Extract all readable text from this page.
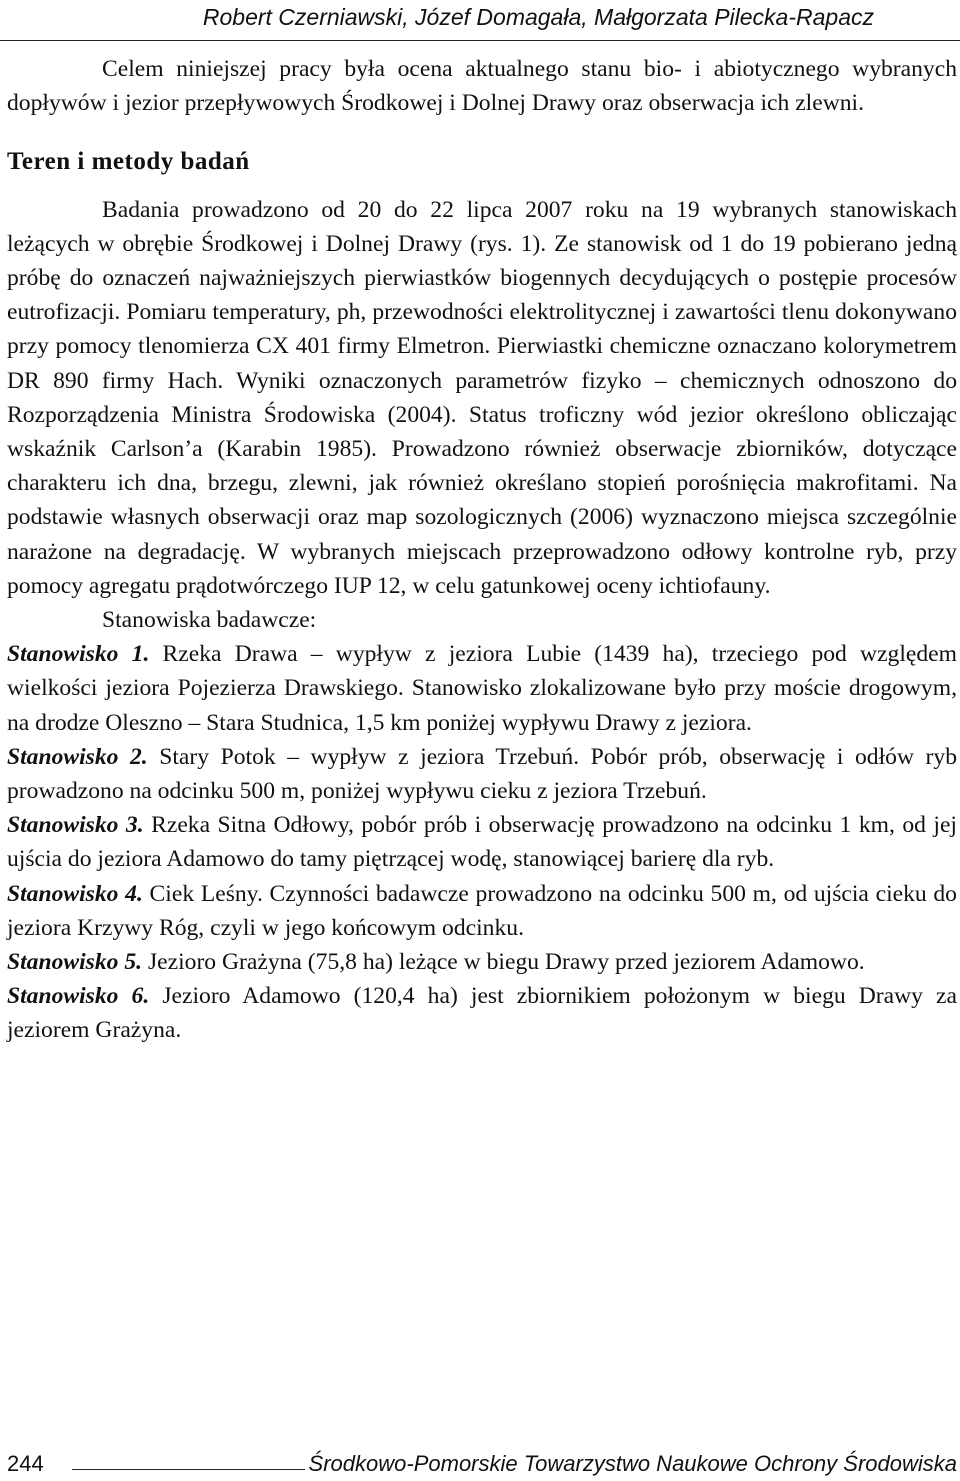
Robert Czerniawski, Józef Domagała, Małgorzata Pilecka-Rapacz

Celem niniejszej pracy była ocena aktualnego stanu bio- i abiotycznego wybranych dopływów i jezior przepływowych Środkowej i Dolnej Drawy oraz obserwacja ich zlewni.

Teren i metody badań

Badania prowadzono od 20 do 22 lipca 2007 roku na 19 wybranych stanowiskach leżących w obrębie Środkowej i Dolnej Drawy (rys. 1). Ze stanowisk od 1 do 19 pobierano jedną próbę do oznaczeń najważniejszych pierwiastków biogennych decydujących o postępie procesów eutrofizacji. Pomiaru temperatury, ph, przewodności elektrolitycznej i zawartości tlenu dokonywano przy pomocy tlenomierza CX 401 firmy Elmetron. Pierwiastki chemiczne oznaczano kolorymetrem DR 890 firmy Hach. Wyniki oznaczonych parametrów fizyko – chemicznych odnoszono do Rozporządzenia Ministra Środowiska (2004). Status troficzny wód jezior określono obliczając wskaźnik Carlson’a (Karabin 1985). Prowadzono również obserwacje zbiorników, dotyczące charakteru ich dna, brzegu, zlewni, jak również określano stopień porośnięcia makrofitami. Na podstawie własnych obserwacji oraz map sozologicznych (2006) wyznaczono miejsca szczególnie narażone na degradację. W wybranych miejscach przeprowadzono odłowy kontrolne ryb, przy pomocy agregatu prądotwórczego IUP 12, w celu gatunkowej oceny ichtiofauny.

Stanowiska badawcze:

Stanowisko 1. Rzeka Drawa – wypływ z jeziora Lubie (1439 ha), trzeciego pod względem wielkości jeziora Pojezierza Drawskiego. Stanowisko zlokalizowane było przy moście drogowym, na drodze Oleszno – Stara Studnica, 1,5 km poniżej wypływu Drawy z jeziora.

Stanowisko 2. Stary Potok – wypływ z jeziora Trzebuń. Pobór prób, obserwację i odłów ryb prowadzono na odcinku 500 m, poniżej wypływu cieku z jeziora Trzebuń.

Stanowisko 3. Rzeka Sitna Odłowy, pobór prób i obserwację prowadzono na odcinku 1 km, od jej ujścia do jeziora Adamowo do tamy piętrzącej wodę, stanowiącej barierę dla ryb.

Stanowisko 4. Ciek Leśny. Czynności badawcze prowadzono na odcinku 500 m, od ujścia cieku do jeziora Krzywy Róg, czyli w jego końcowym odcinku.

Stanowisko 5. Jezioro Grażyna (75,8 ha) leżące w biegu Drawy przed jeziorem Adamowo.

Stanowisko 6. Jezioro Adamowo (120,4 ha) jest zbiornikiem położonym w biegu Drawy za jeziorem Grażyna.

244	Środkowo-Pomorskie Towarzystwo Naukowe Ochrony Środowiska
